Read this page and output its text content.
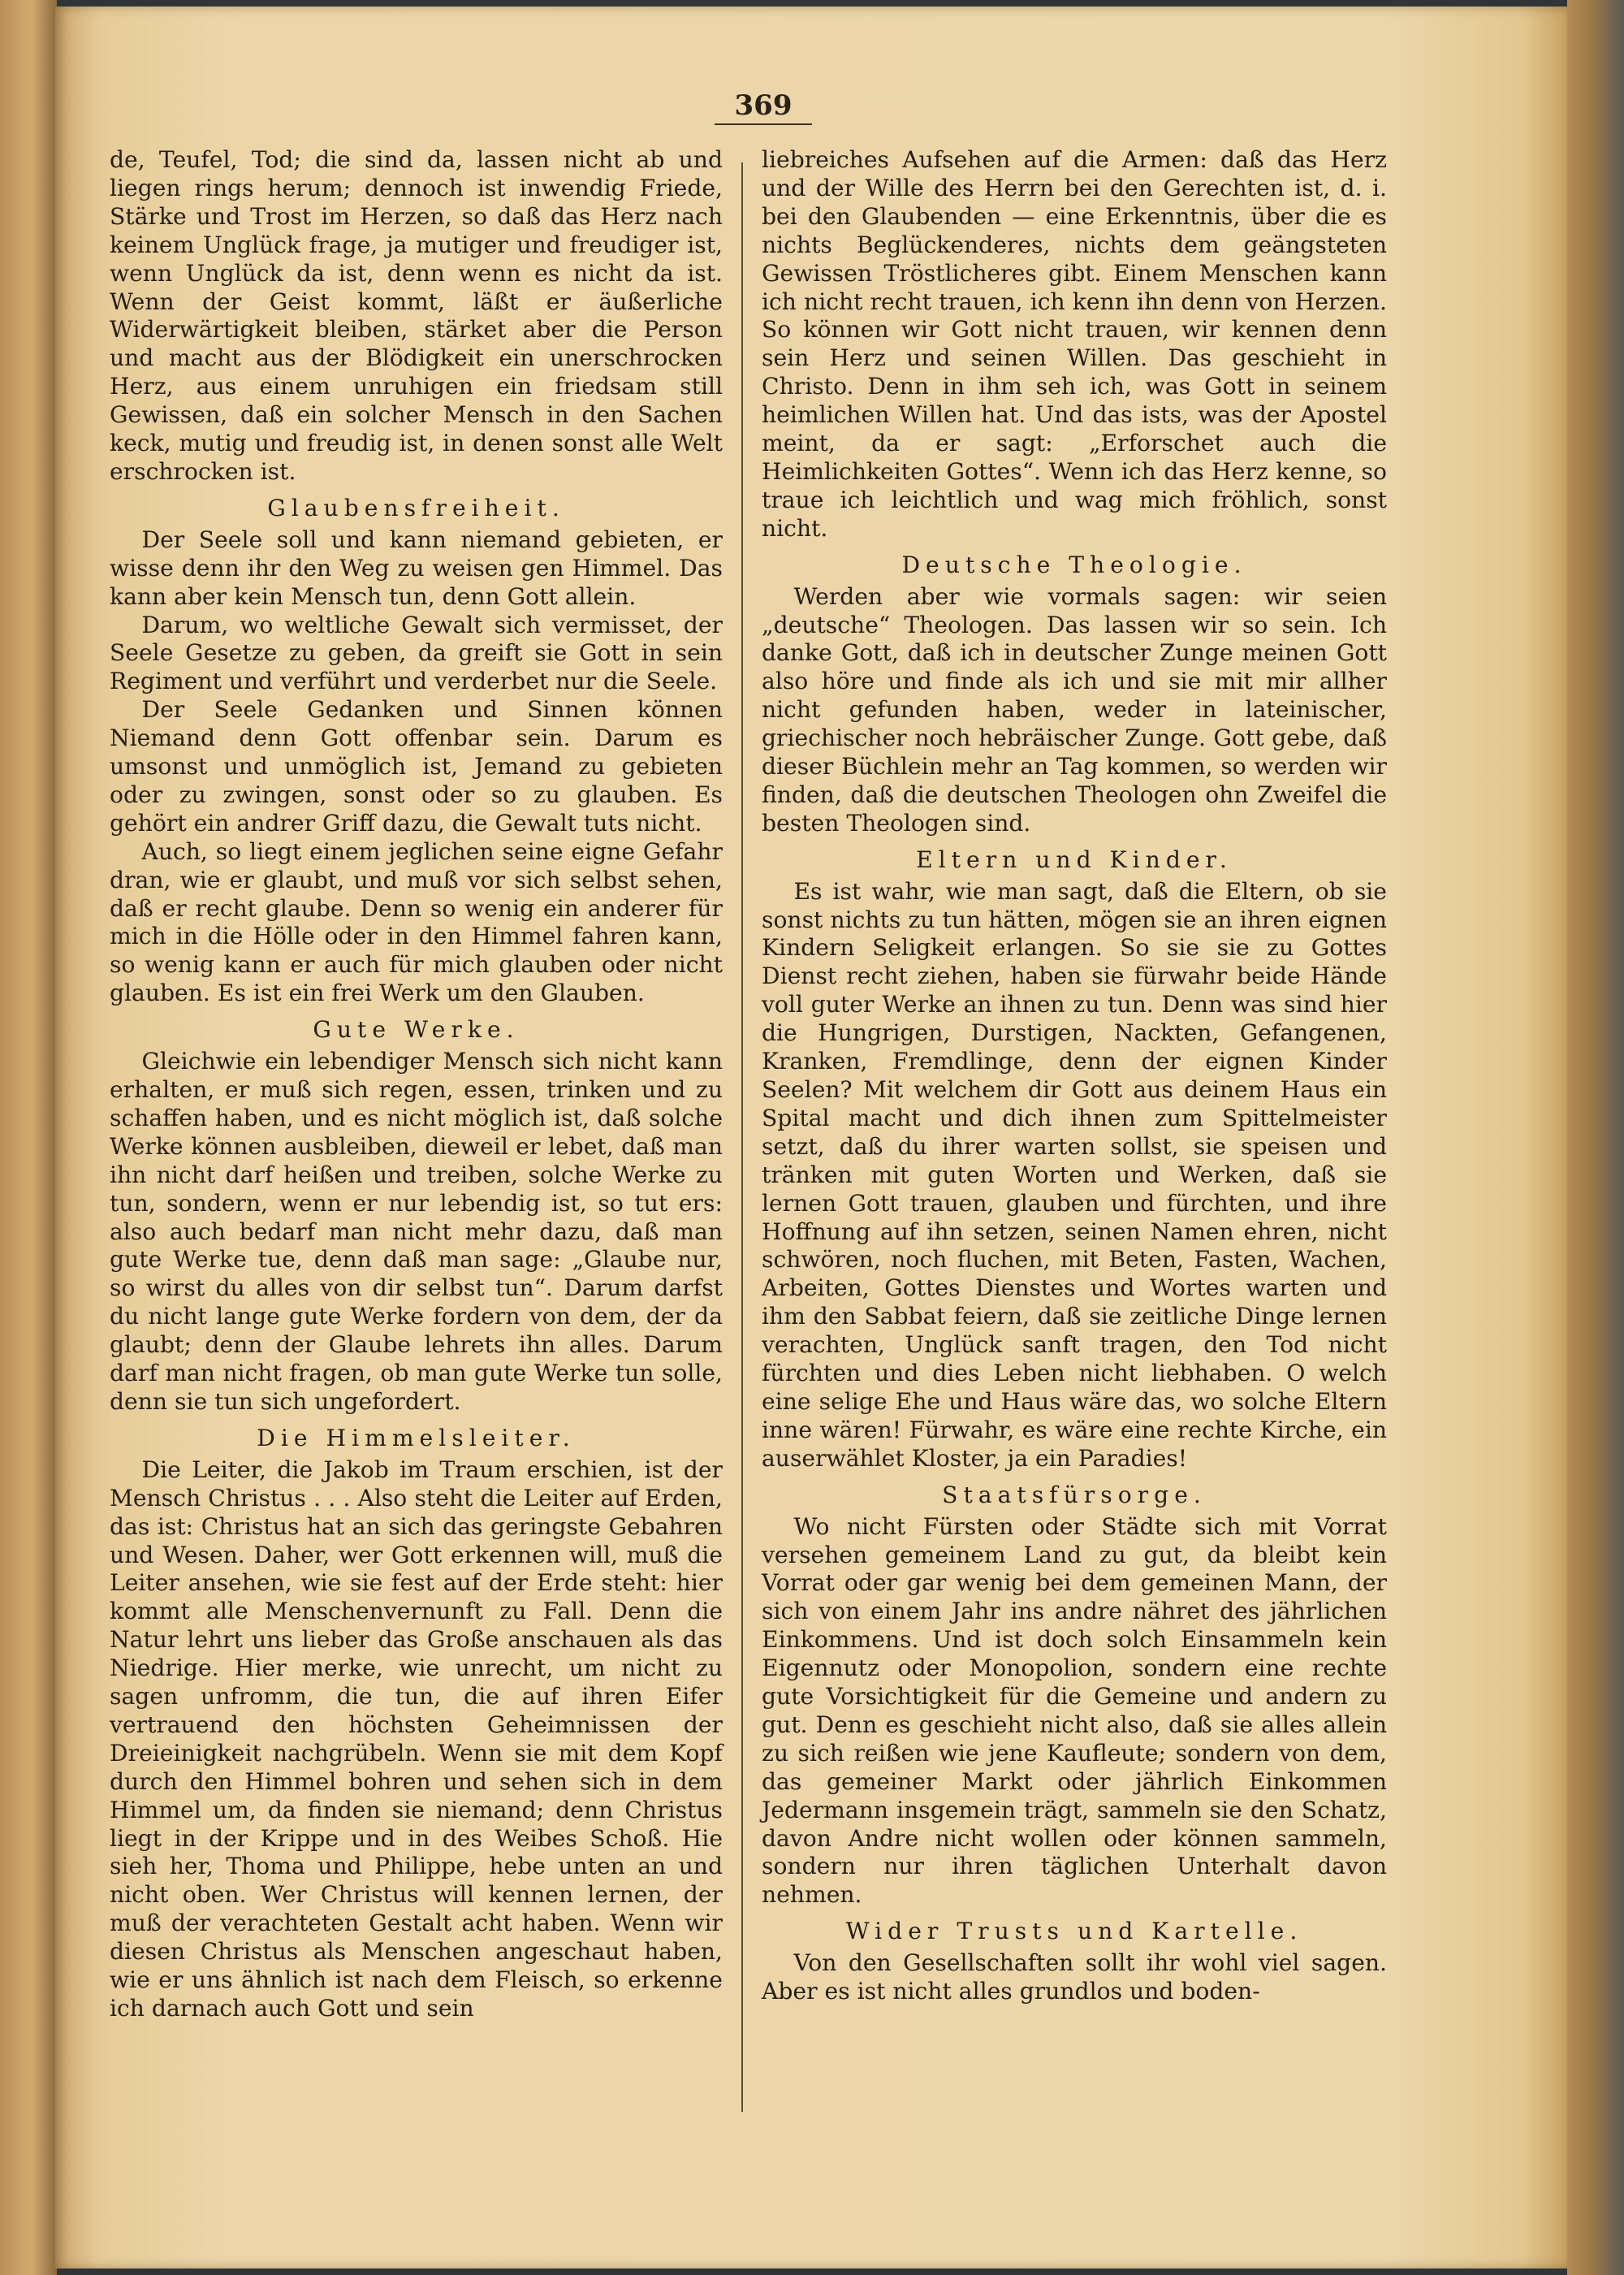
369

de, Teufel, Tod; die sind da, lassen nicht ab und liegen rings herum; dennoch ist inwendig Friede, Stärke und Trost im Herzen, so daß das Herz nach keinem Unglück frage, ja mutiger und freudiger ist, wenn Unglück da ist, denn wenn es nicht da ist. Wenn der Geist kommt, läßt er äußerliche Widerwärtigkeit bleiben, stärket aber die Person und macht aus der Blödigkeit ein unerschrocken Herz, aus einem unruhigen ein friedsam still Gewissen, daß ein solcher Mensch in den Sachen keck, mutig und freudig ist, in denen sonst alle Welt erschrocken ist.

Glaubensfreiheit.

Der Seele soll und kann niemand gebieten, er wisse denn ihr den Weg zu weisen gen Himmel. Das kann aber kein Mensch tun, denn Gott allein.

Darum, wo weltliche Gewalt sich vermisset, der Seele Gesetze zu geben, da greift sie Gott in sein Regiment und verführt und verderbet nur die Seele.

Der Seele Gedanken und Sinnen können Niemand denn Gott offenbar sein. Darum es umsonst und unmöglich ist, Jemand zu gebieten oder zu zwingen, sonst oder so zu glauben. Es gehört ein andrer Griff dazu, die Gewalt tuts nicht.

Auch, so liegt einem jeglichen seine eigne Gefahr dran, wie er glaubt, und muß vor sich selbst sehen, daß er recht glaube. Denn so wenig ein anderer für mich in die Hölle oder in den Himmel fahren kann, so wenig kann er auch für mich glauben oder nicht glauben. Es ist ein frei Werk um den Glauben.

Gute Werke.

Gleichwie ein lebendiger Mensch sich nicht kann erhalten, er muß sich regen, essen, trinken und zu schaffen haben, und es nicht möglich ist, daß solche Werke können ausbleiben, dieweil er lebet, daß man ihn nicht darf heißen und treiben, solche Werke zu tun, sondern, wenn er nur lebendig ist, so tut ers: also auch bedarf man nicht mehr dazu, daß man gute Werke tue, denn daß man sage: „Glaube nur, so wirst du alles von dir selbst tun“. Darum darfst du nicht lange gute Werke fordern von dem, der da glaubt; denn der Glaube lehrets ihn alles. Darum darf man nicht fragen, ob man gute Werke tun solle, denn sie tun sich ungefordert.

Die Himmelsleiter.

Die Leiter, die Jakob im Traum erschien, ist der Mensch Christus . . . Also steht die Leiter auf Erden, das ist: Christus hat an sich das geringste Gebahren und Wesen. Daher, wer Gott erkennen will, muß die Leiter ansehen, wie sie fest auf der Erde steht: hier kommt alle Menschenvernunft zu Fall. Denn die Natur lehrt uns lieber das Große anschauen als das Niedrige. Hier merke, wie unrecht, um nicht zu sagen unfromm, die tun, die auf ihren Eifer vertrauend den höchsten Geheimnissen der Dreieinigkeit nachgrübeln. Wenn sie mit dem Kopf durch den Himmel bohren und sehen sich in dem Himmel um, da finden sie niemand; denn Christus liegt in der Krippe und in des Weibes Schoß. Hie sieh her, Thoma und Philippe, hebe unten an und nicht oben. Wer Christus will kennen lernen, der muß der verachteten Gestalt acht haben. Wenn wir diesen Christus als Menschen angeschaut haben, wie er uns ähnlich ist nach dem Fleisch, so erkenne ich darnach auch Gott und sein

liebreiches Aufsehen auf die Armen: daß das Herz und der Wille des Herrn bei den Gerechten ist, d. i. bei den Glaubenden — eine Erkenntnis, über die es nichts Beglückenderes, nichts dem geängsteten Gewissen Tröstlicheres gibt. Einem Menschen kann ich nicht recht trauen, ich kenn ihn denn von Herzen. So können wir Gott nicht trauen, wir kennen denn sein Herz und seinen Willen. Das geschieht in Christo. Denn in ihm seh ich, was Gott in seinem heimlichen Willen hat. Und das ists, was der Apostel meint, da er sagt: „Erforschet auch die Heimlichkeiten Gottes“. Wenn ich das Herz kenne, so traue ich leichtlich und wag mich fröhlich, sonst nicht.

Deutsche Theologie.

Werden aber wie vormals sagen: wir seien „deutsche“ Theologen. Das lassen wir so sein. Ich danke Gott, daß ich in deutscher Zunge meinen Gott also höre und finde als ich und sie mit mir allher nicht gefunden haben, weder in lateinischer, griechischer noch hebräischer Zunge. Gott gebe, daß dieser Büchlein mehr an Tag kommen, so werden wir finden, daß die deutschen Theologen ohn Zweifel die besten Theologen sind.

Eltern und Kinder.

Es ist wahr, wie man sagt, daß die Eltern, ob sie sonst nichts zu tun hätten, mögen sie an ihren eignen Kindern Seligkeit erlangen. So sie sie zu Gottes Dienst recht ziehen, haben sie fürwahr beide Hände voll guter Werke an ihnen zu tun. Denn was sind hier die Hungrigen, Durstigen, Nackten, Gefangenen, Kranken, Fremdlinge, denn der eignen Kinder Seelen? Mit welchem dir Gott aus deinem Haus ein Spital macht und dich ihnen zum Spittelmeister setzt, daß du ihrer warten sollst, sie speisen und tränken mit guten Worten und Werken, daß sie lernen Gott trauen, glauben und fürchten, und ihre Hoffnung auf ihn setzen, seinen Namen ehren, nicht schwören, noch fluchen, mit Beten, Fasten, Wachen, Arbeiten, Gottes Dienstes und Wortes warten und ihm den Sabbat feiern, daß sie zeitliche Dinge lernen verachten, Unglück sanft tragen, den Tod nicht fürchten und dies Leben nicht liebhaben. O welch eine selige Ehe und Haus wäre das, wo solche Eltern inne wären! Fürwahr, es wäre eine rechte Kirche, ein auserwählet Kloster, ja ein Paradies!

Staatsfürsorge.

Wo nicht Fürsten oder Städte sich mit Vorrat versehen gemeinem Land zu gut, da bleibt kein Vorrat oder gar wenig bei dem gemeinen Mann, der sich von einem Jahr ins andre nähret des jährlichen Einkommens. Und ist doch solch Einsammeln kein Eigennutz oder Monopolion, sondern eine rechte gute Vorsichtigkeit für die Gemeine und andern zu gut. Denn es geschieht nicht also, daß sie alles allein zu sich reißen wie jene Kaufleute; sondern von dem, das gemeiner Markt oder jährlich Einkommen Jedermann insgemein trägt, sammeln sie den Schatz, davon Andre nicht wollen oder können sammeln, sondern nur ihren täglichen Unterhalt davon nehmen.

Wider Trusts und Kartelle.

Von den Gesellschaften sollt ihr wohl viel sagen. Aber es ist nicht alles grundlos und boden-
